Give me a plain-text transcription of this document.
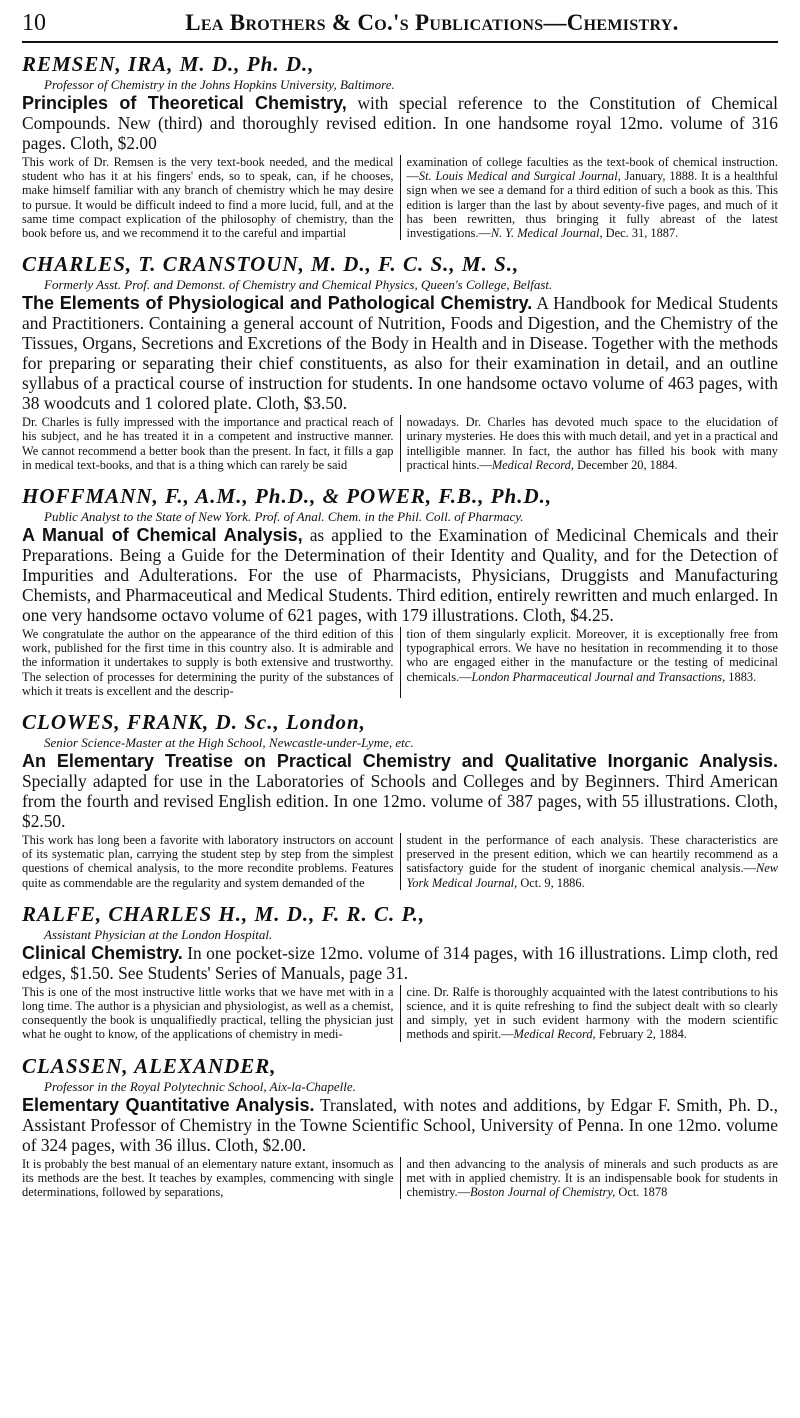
10	Lea Brothers & Co.'s Publications—Chemistry.
REMSEN, IRA, M. D., Ph. D.,
Professor of Chemistry in the Johns Hopkins University, Baltimore.
Principles of Theoretical Chemistry, with special reference to the Constitution of Chemical Compounds. New (third) and thoroughly revised edition. In one handsome royal 12mo. volume of 316 pages. Cloth, $2.00
This work of Dr. Remsen is the very text-book needed, and the medical student who has it at his fingers' ends, so to speak, can, if he chooses, make himself familiar with any branch of chemistry which he may desire to pursue. It would be difficult indeed to find a more lucid, full, and at the same time compact explication of the philosophy of chemistry, than the book before us, and we recommend it to the careful and impartial
examination of college faculties as the text-book of chemical instruction.—St. Louis Medical and Surgical Journal, January, 1888. It is a healthful sign when we see a demand for a third edition of such a book as this. This edition is larger than the last by about seventy-five pages, and much of it has been rewritten, thus bringing it fully abreast of the latest investigations.—N. Y. Medical Journal, Dec. 31, 1887.
CHARLES, T. CRANSTOUN, M. D., F. C. S., M. S.,
Formerly Asst. Prof. and Demonst. of Chemistry and Chemical Physics, Queen's College, Belfast.
The Elements of Physiological and Pathological Chemistry. A Handbook for Medical Students and Practitioners. Containing a general account of Nutrition, Foods and Digestion, and the Chemistry of the Tissues, Organs, Secretions and Excretions of the Body in Health and in Disease. Together with the methods for preparing or separating their chief constituents, as also for their examination in detail, and an outline syllabus of a practical course of instruction for students. In one handsome octavo volume of 463 pages, with 38 woodcuts and 1 colored plate. Cloth, $3.50.
Dr. Charles is fully impressed with the importance and practical reach of his subject, and he has treated it in a competent and instructive manner. We cannot recommend a better book than the present. In fact, it fills a gap in medical text-books, and that is a thing which can rarely be said
nowadays. Dr. Charles has devoted much space to the elucidation of urinary mysteries. He does this with much detail, and yet in a practical and intelligible manner. In fact, the author has filled his book with many practical hints.—Medical Record, December 20, 1884.
HOFFMANN, F., A.M., Ph.D., & POWER, F.B., Ph.D.,
Public Analyst to the State of New York. Prof. of Anal. Chem. in the Phil. Coll. of Pharmacy.
A Manual of Chemical Analysis, as applied to the Examination of Medicinal Chemicals and their Preparations. Being a Guide for the Determination of their Identity and Quality, and for the Detection of Impurities and Adulterations. For the use of Pharmacists, Physicians, Druggists and Manufacturing Chemists, and Pharmaceutical and Medical Students. Third edition, entirely rewritten and much enlarged. In one very handsome octavo volume of 621 pages, with 179 illustrations. Cloth, $4.25.
We congratulate the author on the appearance of the third edition of this work, published for the first time in this country also. It is admirable and the information it undertakes to supply is both extensive and trustworthy. The selection of processes for determining the purity of the substances of which it treats is excellent and the descrip-
tion of them singularly explicit. Moreover, it is exceptionally free from typographical errors. We have no hesitation in recommending it to those who are engaged either in the manufacture or the testing of medicinal chemicals.—London Pharmaceutical Journal and Transactions, 1883.
CLOWES, FRANK, D. Sc., London,
Senior Science-Master at the High School, Newcastle-under-Lyme, etc.
An Elementary Treatise on Practical Chemistry and Qualitative Inorganic Analysis. Specially adapted for use in the Laboratories of Schools and Colleges and by Beginners. Third American from the fourth and revised English edition. In one 12mo. volume of 387 pages, with 55 illustrations. Cloth, $2.50.
This work has long been a favorite with laboratory instructors on account of its systematic plan, carrying the student step by step from the simplest questions of chemical analysis, to the more recondite problems. Features quite as commendable are the regularity and system demanded of the
student in the performance of each analysis. These characteristics are preserved in the present edition, which we can heartily recommend as a satisfactory guide for the student of inorganic chemical analysis.—New York Medical Journal, Oct. 9, 1886.
RALFE, CHARLES H., M. D., F. R. C. P.,
Assistant Physician at the London Hospital.
Clinical Chemistry. In one pocket-size 12mo. volume of 314 pages, with 16 illustrations. Limp cloth, red edges, $1.50. See Students' Series of Manuals, page 31.
This is one of the most instructive little works that we have met with in a long time. The author is a physician and physiologist, as well as a chemist, consequently the book is unqualifiedly practical, telling the physician just what he ought to know, of the applications of chemistry in medi-
cine. Dr. Ralfe is thoroughly acquainted with the latest contributions to his science, and it is quite refreshing to find the subject dealt with so clearly and simply, yet in such evident harmony with the modern scientific methods and spirit.—Medical Record, February 2, 1884.
CLASSEN, ALEXANDER,
Professor in the Royal Polytechnic School, Aix-la-Chapelle.
Elementary Quantitative Analysis. Translated, with notes and additions, by Edgar F. Smith, Ph. D., Assistant Professor of Chemistry in the Towne Scientific School, University of Penna. In one 12mo. volume of 324 pages, with 36 illus. Cloth, $2.00.
It is probably the best manual of an elementary nature extant, insomuch as its methods are the best. It teaches by examples, commencing with single determinations, followed by separations,
and then advancing to the analysis of minerals and such products as are met with in applied chemistry. It is an indispensable book for students in chemistry.—Boston Journal of Chemistry, Oct. 1878
